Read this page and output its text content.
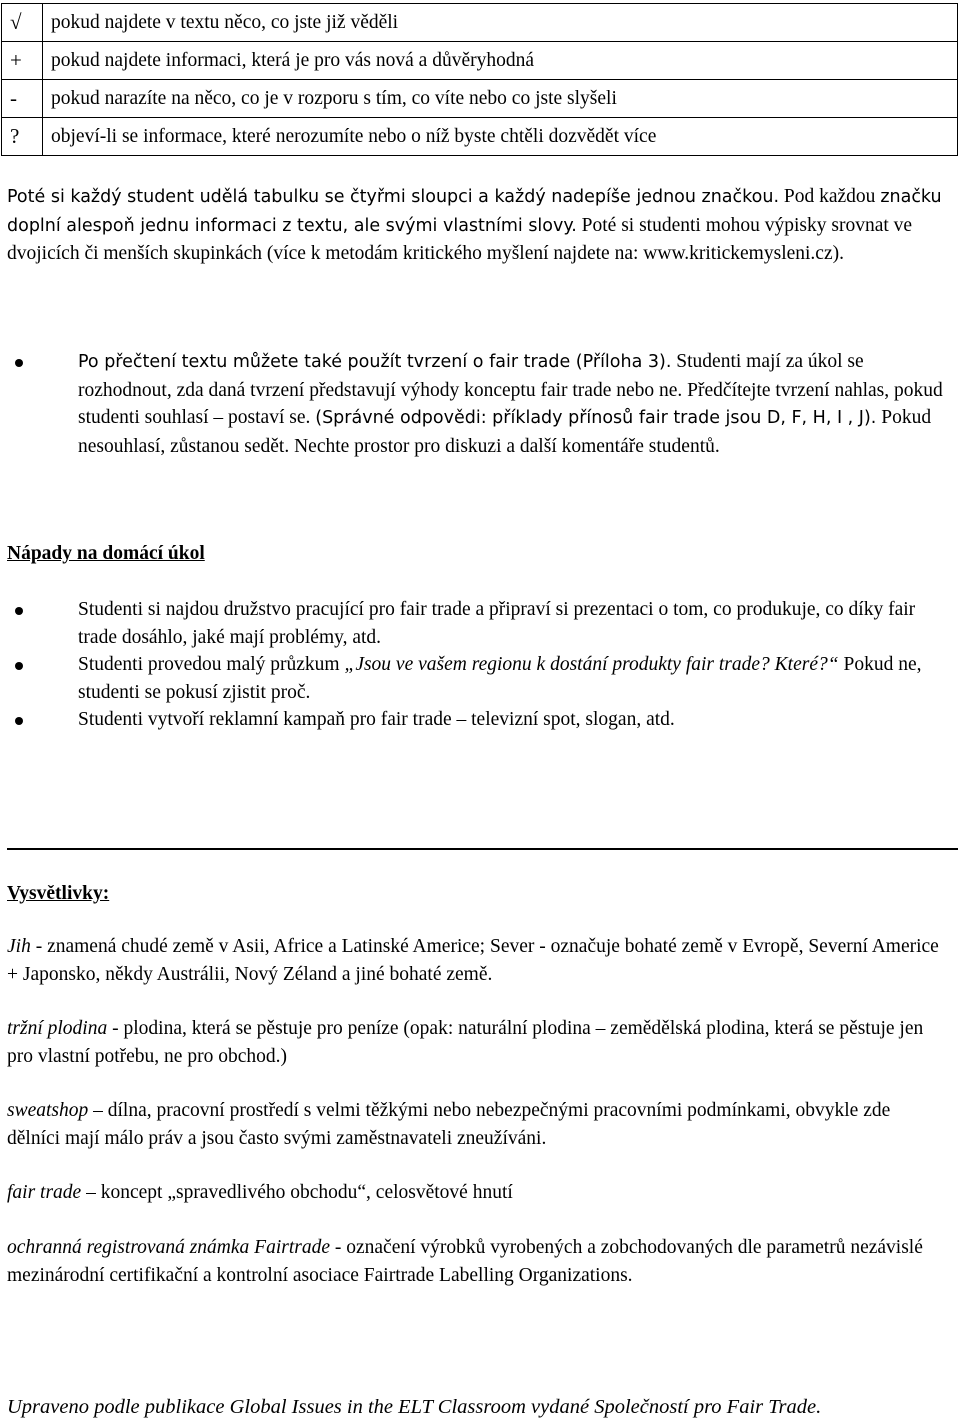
√	pokud najdete v textu něco, co jste již věděli
+	pokud najdete informaci, která je pro vás nová a důvěryhodná
-	pokud narazíte na něco, co je v rozporu s tím, co víte nebo co jste slyšeli
?	objeví-li se informace, které nerozumíte nebo o níž byste chtěli dozvědět více
Poté si každý student udělá tabulku se čtyřmi sloupci a každý nadepíše jednou značkou. Pod každou značku doplní alespoň jednu informaci z textu, ale svými vlastními slovy. Poté si studenti mohou výpisky srovnat ve dvojicích či menších skupinkách (více k metodám kritického myšlení najdete na: www.kritickemysleni.cz).
Po přečtení textu můžete také použít tvrzení o fair trade (Příloha 3). Studenti mají za úkol se rozhodnout, zda daná tvrzení představují výhody konceptu fair trade nebo ne. Předčítejte tvrzení nahlas, pokud studenti souhlasí – postaví se. (Správné odpovědi: příklady přínosů fair trade jsou D, F, H, I , J). Pokud nesouhlasí, zůstanou sedět. Nechte prostor pro diskuzi a další komentáře studentů.
Nápady na domácí úkol
Studenti si najdou družstvo pracující pro fair trade a připraví si prezentaci o tom, co produkuje, co díky fair trade dosáhlo, jaké mají problémy, atd.
Studenti provedou malý průzkum „Jsou ve vašem regionu k dostání produkty fair trade? Které?“ Pokud ne, studenti se pokusí zjistit proč.
Studenti vytvoří reklamní kampaň pro fair trade – televizní spot, slogan, atd.
Vysvětlivky:
Jih - znamená chudé země v Asii, Africe a Latinské Americe; Sever - označuje bohaté země v Evropě, Severní Americe + Japonsko, někdy Austrálii, Nový Zéland a jiné bohaté země.
tržní plodina - plodina, která se pěstuje pro peníze (opak: naturální plodina – zemědělská plodina, která se pěstuje jen pro vlastní potřebu, ne pro obchod.)
sweatshop – dílna, pracovní prostředí s velmi těžkými nebo nebezpečnými pracovními podmínkami, obvykle zde dělníci mají málo práv a jsou často svými zaměstnavateli zneužíváni.
fair trade – koncept „spravedlivého obchodu“, celosvětové hnutí
ochranná registrovaná známka Fairtrade - označení výrobků vyrobených a zobchodovaných dle parametrů nezávislé mezinárodní certifikační a kontrolní asociace Fairtrade Labelling Organizations.
Upraveno podle publikace Global Issues in the ELT Classroom vydané Společností pro Fair Trade.
